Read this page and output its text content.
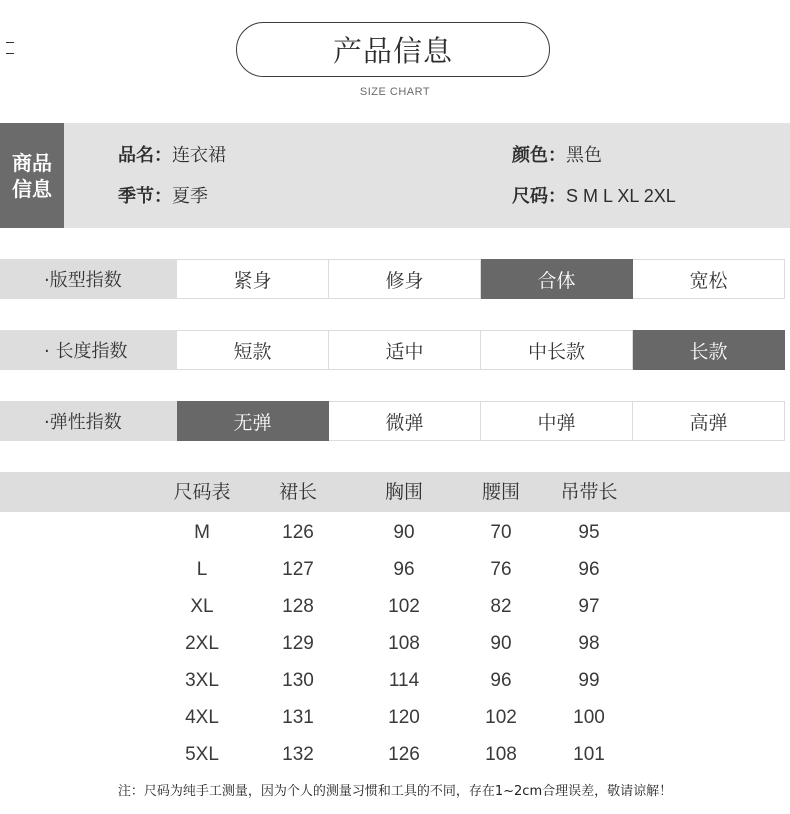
产品信息
SIZE CHART
商品
信息
品名：连衣裙	颜色：黑色
季节：夏季	尺码：S M L XL 2XL
·版型指数	紧身	修身	合体	宽松
· 长度指数	短款	适中	中长款	长款
·弹性指数	无弹	微弹	中弹	高弹
尺码表	裙长	胸围	腰围	吊带长
M	126	90	70	95
L	127	96	76	96
XL	128	102	82	97
2XL	129	108	90	98
3XL	130	114	96	99
4XL	131	120	102	100
5XL	132	126	108	101
注：尺码为纯手工测量，因为个人的测量习惯和工具的不同，存在1~2cm合理误差，敬请谅解！
